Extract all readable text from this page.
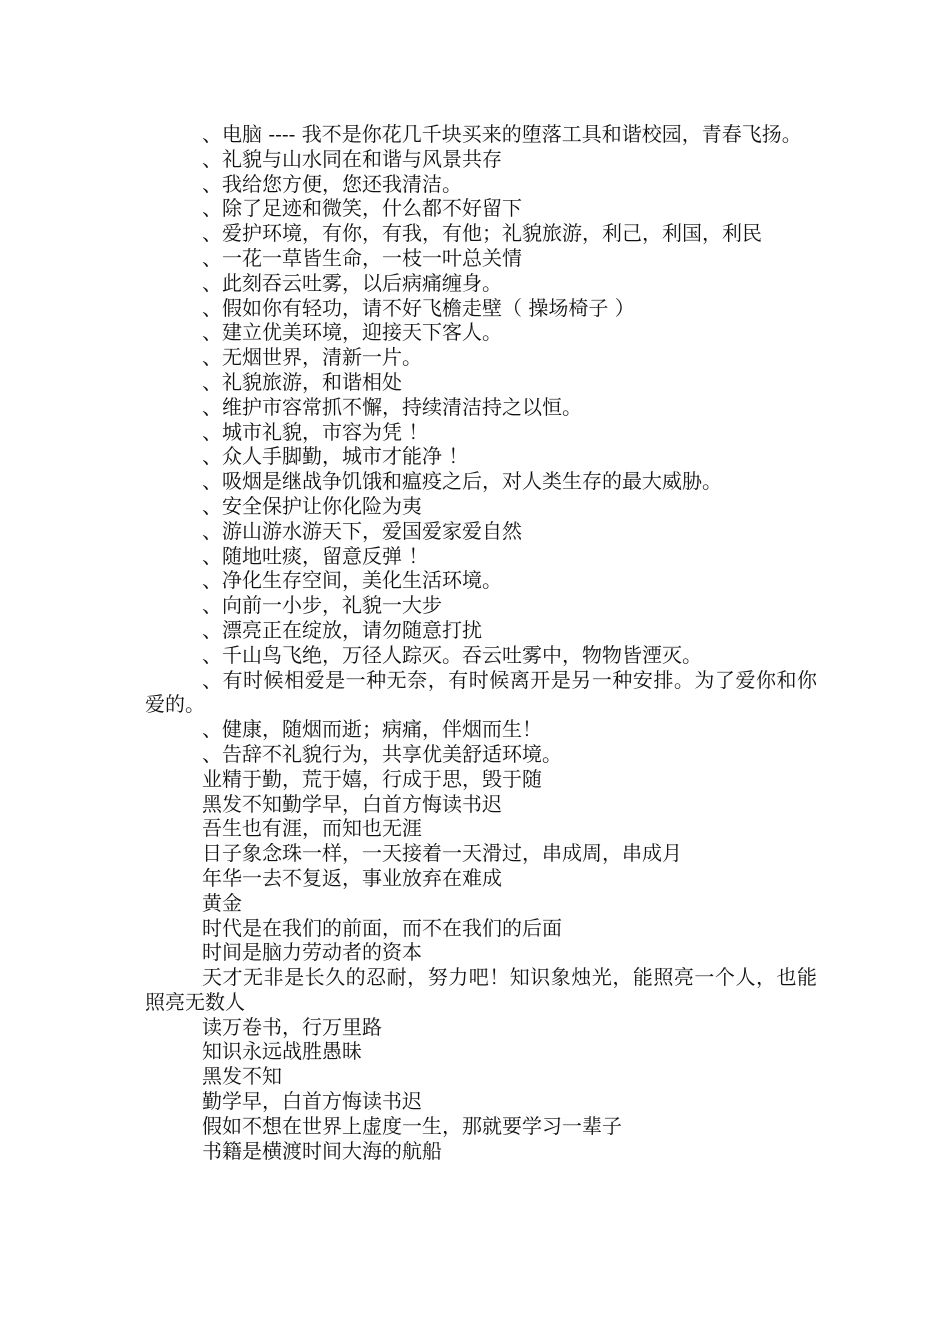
、电脑 ---- 我不是你花几千块买来的堕落工具和谐校园，青春飞扬。

、礼貌与山水同在和谐与风景共存

、我给您方便，您还我清洁。

、除了足迹和微笑，什么都不好留下

、爱护环境，有你，有我，有他；礼貌旅游，利己，利国，利民

、一花一草皆生命，一枝一叶总关情

、此刻吞云吐雾，以后病痛缠身。

、假如你有轻功，请不好飞檐走壁（ 操场椅子 ）

、建立优美环境，迎接天下客人。

、无烟世界，清新一片。

、礼貌旅游，和谐相处

、维护市容常抓不懈，持续清洁持之以恒。

、城市礼貌，市容为凭 ！

、众人手脚勤，城市才能净 ！

、吸烟是继战争饥饿和瘟疫之后，对人类生存的最大威胁。

、安全保护让你化险为夷

、游山游水游天下，爱国爱家爱自然

、随地吐痰，留意反弹 ！

、净化生存空间，美化生活环境。

、向前一小步，礼貌一大步

、漂亮正在绽放，请勿随意打扰

、千山鸟飞绝，万径人踪灭。吞云吐雾中，物物皆湮灭。

、有时候相爱是一种无奈，有时候离开是另一种安排。为了爱你和你爱的。

、健康，随烟而逝；病痛，伴烟而生！

、告辞不礼貌行为，共享优美舒适环境。

业精于勤，荒于嬉，行成于思，毁于随

黑发不知勤学早，白首方悔读书迟

吾生也有涯，而知也无涯

日子象念珠一样，一天接着一天滑过，串成周，串成月

年华一去不复返，事业放弃在难成

黄金

时代是在我们的前面，而不在我们的后面

时间是脑力劳动者的资本

天才无非是长久的忍耐，努力吧！知识象烛光，能照亮一个人，也能照亮无数人

读万卷书，行万里路

知识永远战胜愚昧

黑发不知

勤学早，白首方悔读书迟

假如不想在世界上虚度一生，那就要学习一辈子

书籍是横渡时间大海的航船
